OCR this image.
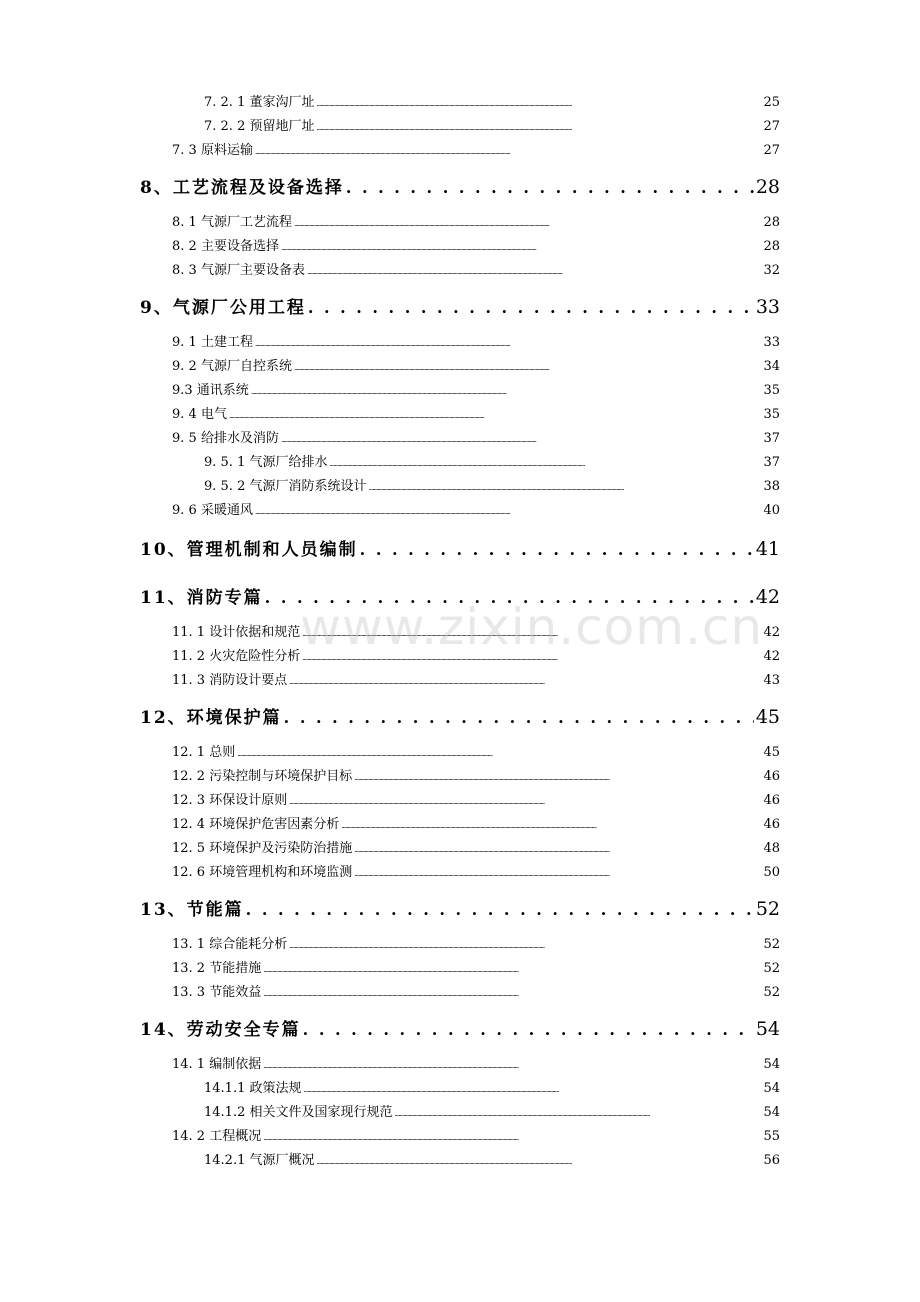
7. 2. 1 董家沟厂址 . . .	25
7. 2. 2 预留地厂址 . . .	27
7. 3 原料运输 . . .	27
8、工艺流程及设备选择 . . .	28
8. 1 气源厂工艺流程 . . .	28
8. 2 主要设备选择 . . .	28
8. 3 气源厂主要设备表 . . .	32
9、气源厂公用工程 . . .	33
9. 1 土建工程 . . .	33
9. 2 气源厂自控系统 . . .	34
9.3 通讯系统 . . .	35
9. 4 电气 . . .	35
9. 5 给排水及消防 . . .	37
9. 5. 1 气源厂给排水 . . .	37
9. 5. 2 气源厂消防系统设计 . . .	38
9. 6 采暖通风 . . .	40
10、管理机制和人员编制 . . .	41
11、消防专篇 . . .	42
11. 1 设计依据和规范 . . .	42
11. 2 火灾危险性分析 . . .	42
11. 3 消防设计要点 . . .	43
12、环境保护篇 . . .	45
12. 1 总则 . . .	45
12. 2 污染控制与环境保护目标 . . .	46
12. 3 环保设计原则 . . .	46
12. 4 环境保护危害因素分析 . . .	46
12. 5 环境保护及污染防治措施 . . .	48
12. 6 环境管理机构和环境监测 . . .	50
13、节能篇 . . .	52
13. 1 综合能耗分析 . . .	52
13. 2 节能措施 . . .	52
13. 3 节能效益 . . .	52
14、劳动安全专篇 . . .	54
14. 1 编制依据 . . .	54
14.1.1 政策法规 . . .	54
14.1.2 相关文件及国家现行规范 . . .	54
14. 2 工程概况 . . .	55
14.2.1 气源厂概况 . . .	56
www.zixin.com.cn
